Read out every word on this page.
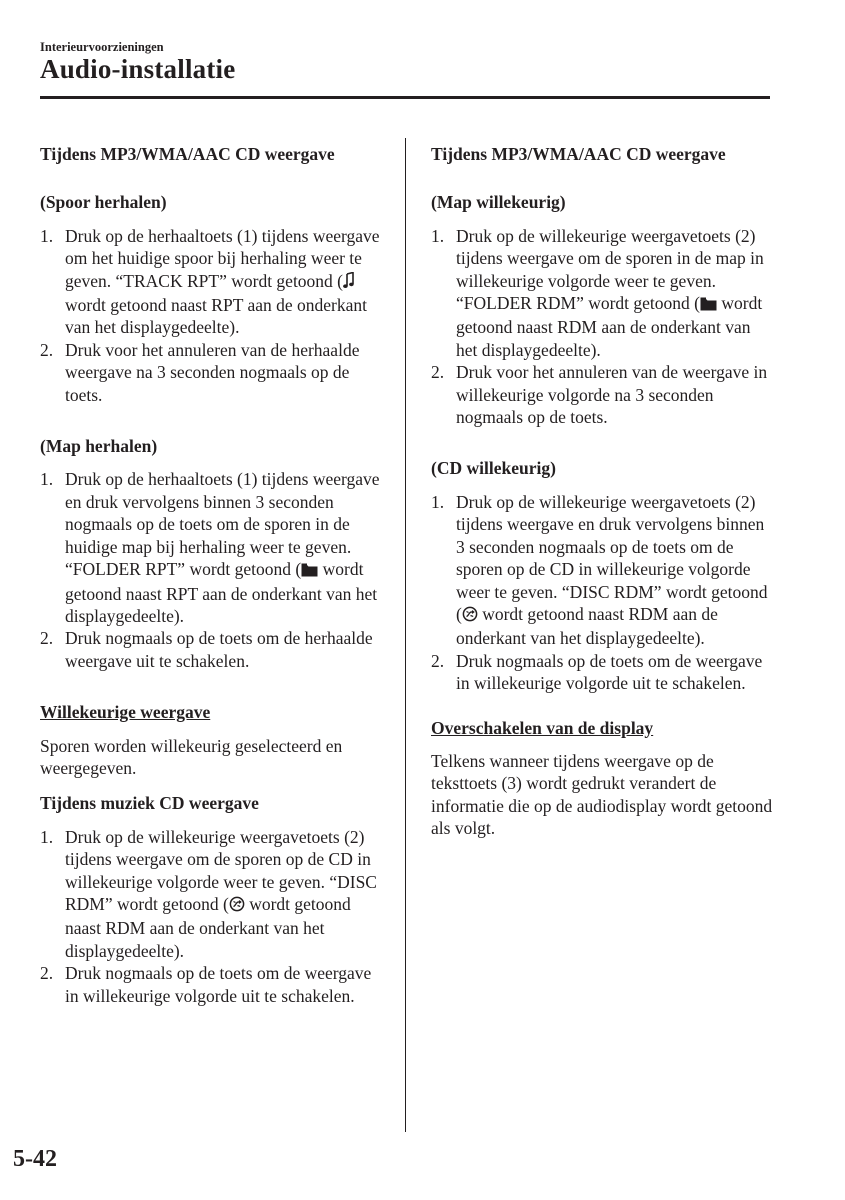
Interieurvoorzieningen
Audio-installatie

Tijdens MP3/WMA/AAC CD weergave

(Spoor herhalen)

1. Druk op de herhaaltoets (1) tijdens weergave om het huidige spoor bij herhaling weer te geven. “TRACK RPT” wordt getoond (wordt getoond naast RPT aan de onderkant van het displaygedeelte).
2. Druk voor het annuleren van de herhaalde weergave na 3 seconden nogmaals op de toets.

(Map herhalen)

1. Druk op de herhaaltoets (1) tijdens weergave en druk vervolgens binnen 3 seconden nogmaals op de toets om de sporen in de huidige map bij herhaling weer te geven. “FOLDER RPT” wordt getoond ( wordt getoond naast RPT aan de onderkant van het displaygedeelte).
2. Druk nogmaals op de toets om de herhaalde weergave uit te schakelen.

Willekeurige weergave

Sporen worden willekeurig geselecteerd en weergegeven.

Tijdens muziek CD weergave

1. Druk op de willekeurige weergavetoets (2) tijdens weergave om de sporen op de CD in willekeurige volgorde weer te geven. “DISC RDM” wordt getoond ( wordt getoond naast RDM aan de onderkant van het displaygedeelte).
2. Druk nogmaals op de toets om de weergave in willekeurige volgorde uit te schakelen.

Tijdens MP3/WMA/AAC CD weergave

(Map willekeurig)

1. Druk op de willekeurige weergavetoets (2) tijdens weergave om de sporen in de map in willekeurige volgorde weer te geven. “FOLDER RDM” wordt getoond ( wordt getoond naast RDM aan de onderkant van het displaygedeelte).
2. Druk voor het annuleren van de weergave in willekeurige volgorde na 3 seconden nogmaals op de toets.

(CD willekeurig)

1. Druk op de willekeurige weergavetoets (2) tijdens weergave en druk vervolgens binnen 3 seconden nogmaals op de toets om de sporen op de CD in willekeurige volgorde weer te geven. “DISC RDM” wordt getoond ( wordt getoond naast RDM aan de onderkant van het displaygedeelte).
2. Druk nogmaals op de toets om de weergave in willekeurige volgorde uit te schakelen.

Overschakelen van de display

Telkens wanneer tijdens weergave op de teksttoets (3) wordt gedrukt verandert de informatie die op de audiodisplay wordt getoond als volgt.

5-42
